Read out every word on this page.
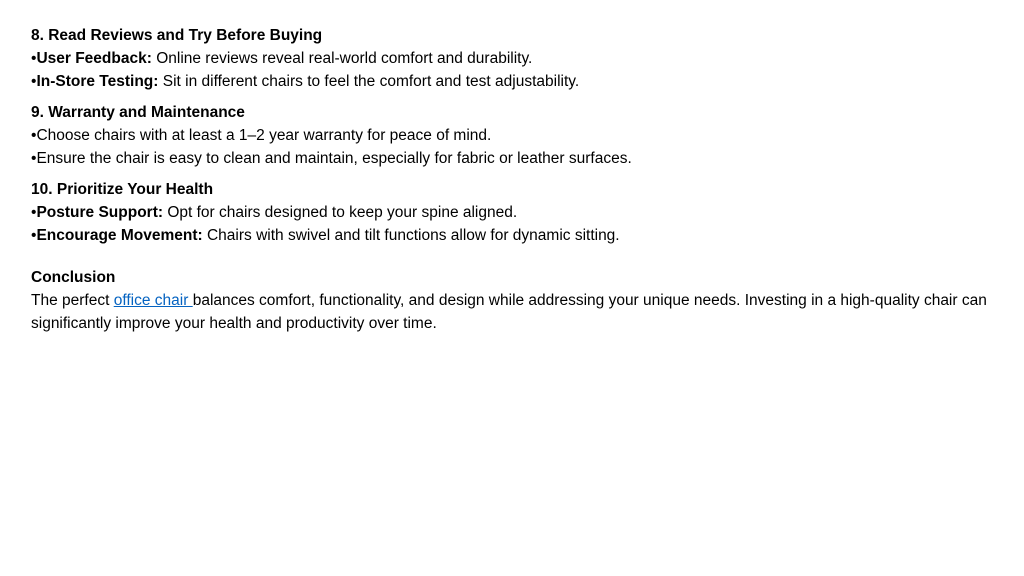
8. Read Reviews and Try Before Buying
•User Feedback: Online reviews reveal real-world comfort and durability.
•In-Store Testing: Sit in different chairs to feel the comfort and test adjustability.
9. Warranty and Maintenance
•Choose chairs with at least a 1–2 year warranty for peace of mind.
•Ensure the chair is easy to clean and maintain, especially for fabric or leather surfaces.
10. Prioritize Your Health
•Posture Support: Opt for chairs designed to keep your spine aligned.
•Encourage Movement: Chairs with swivel and tilt functions allow for dynamic sitting.
Conclusion
The perfect office chair balances comfort, functionality, and design while addressing your unique needs. Investing in a high-quality chair can significantly improve your health and productivity over time.
